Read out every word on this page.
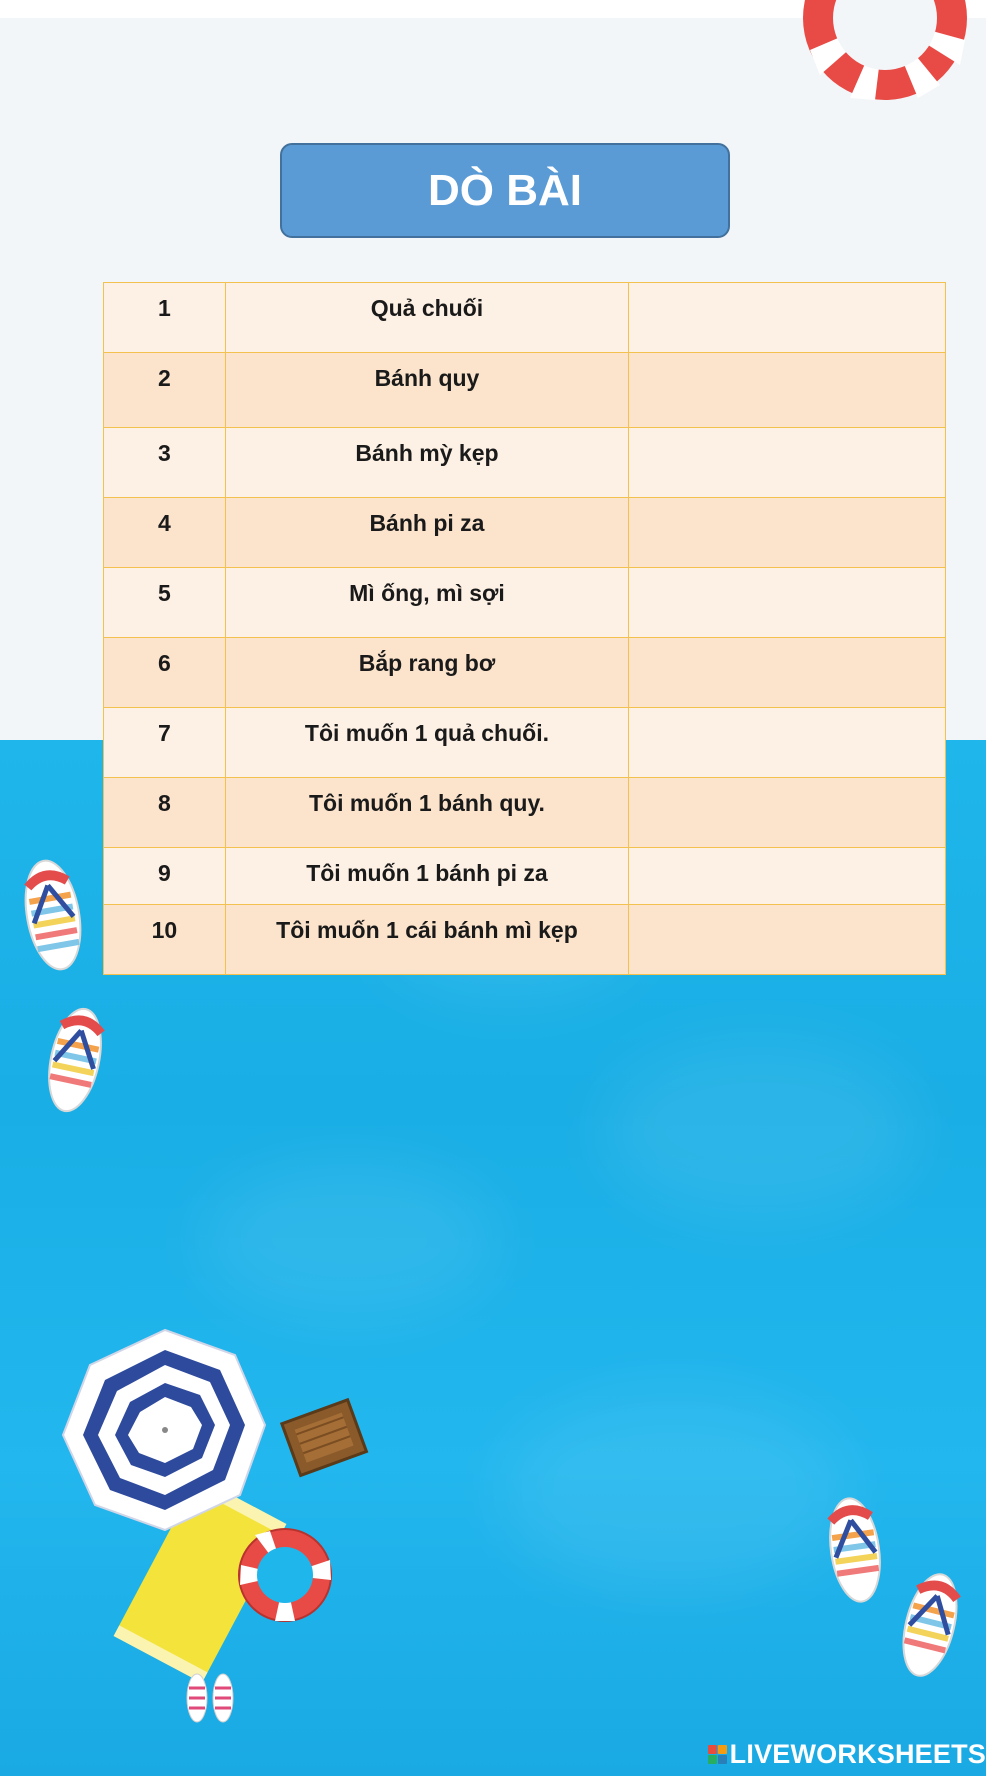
DÒ BÀI
1	Quả chuối	
2	Bánh quy	
3	Bánh mỳ kẹp	
4	Bánh pi za	
5	Mì ống, mì sợi	
6	Bắp rang bơ	
7	Tôi muốn 1 quả chuối.	
8	Tôi muốn 1 bánh quy.	
9	Tôi muốn 1 bánh pi za	
10	Tôi muốn 1 cái bánh mì kẹp	
LIVEWORKSHEETS
